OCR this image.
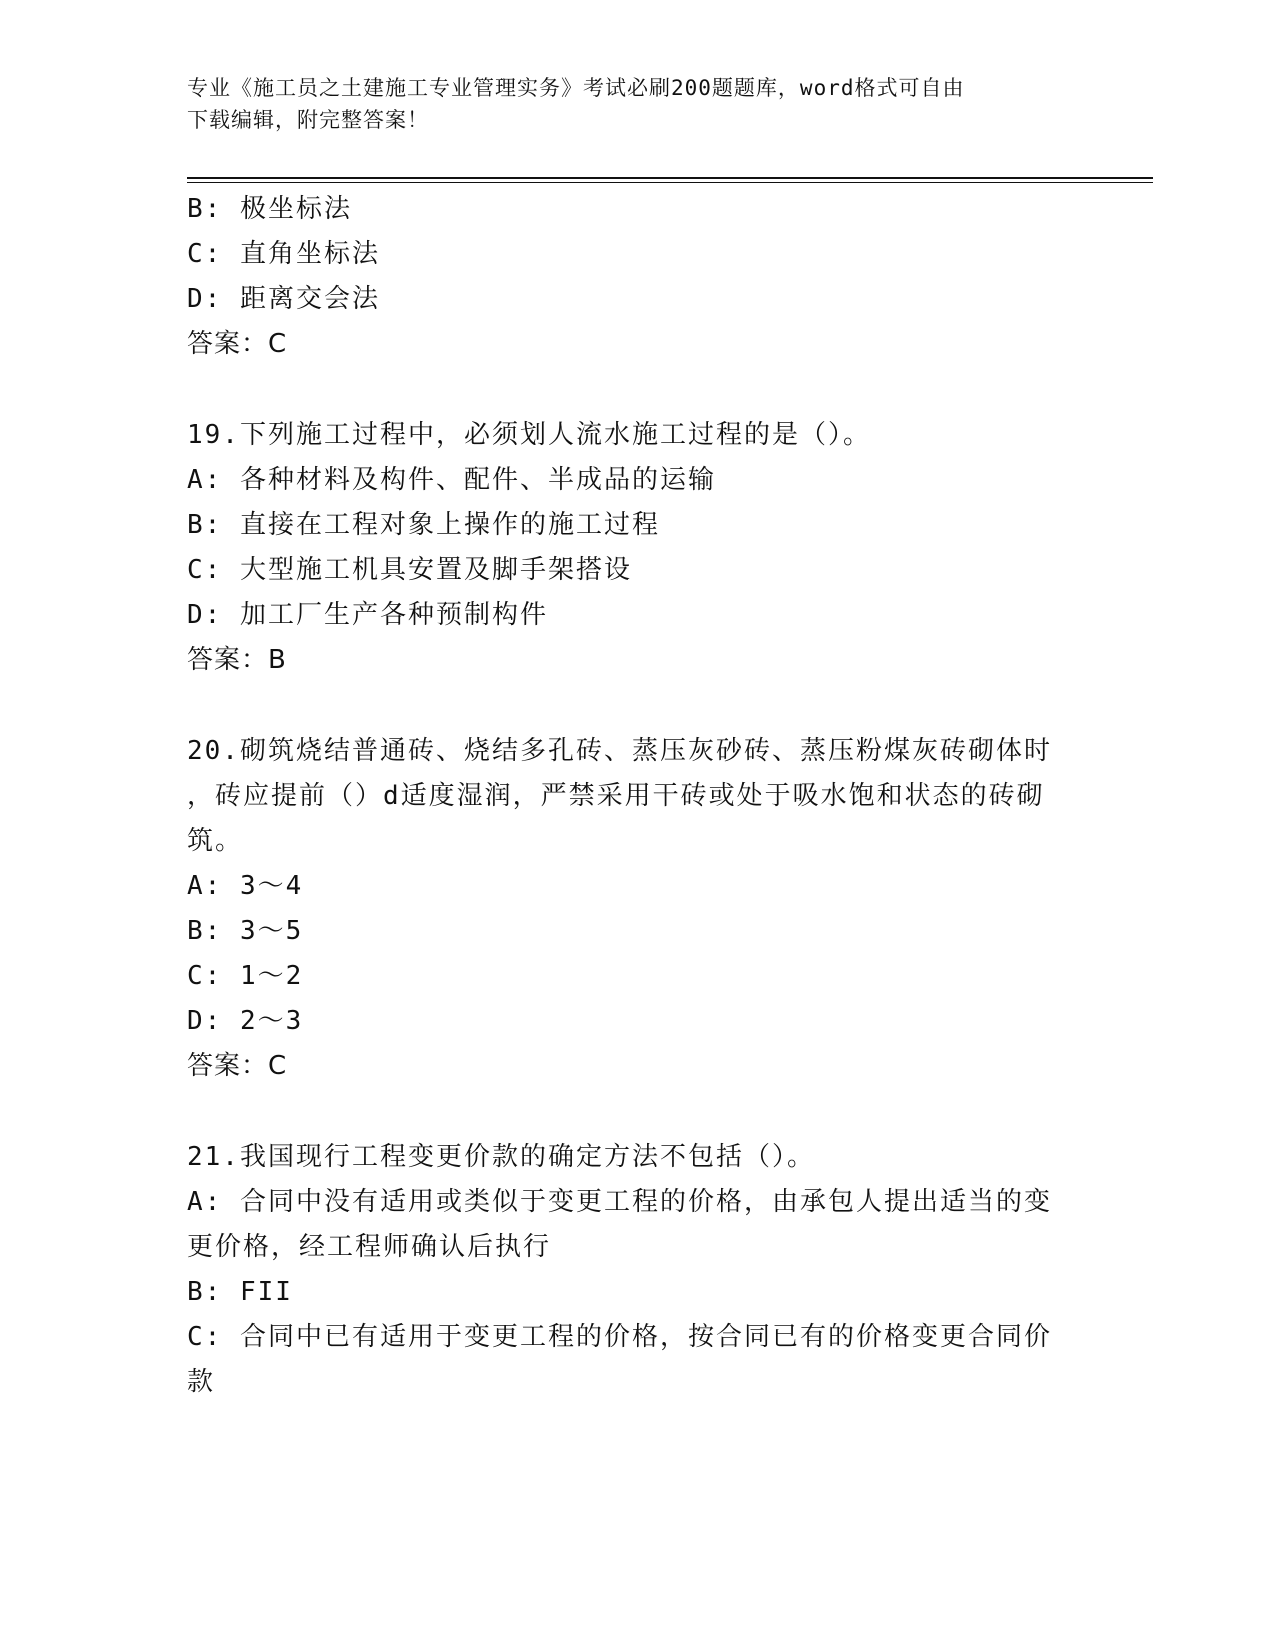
专业《施工员之土建施工专业管理实务》考试必刷200题题库，word格式可自由
下载编辑，附完整答案！
B: 极坐标法
C: 直角坐标法
D: 距离交会法
答案：C
19.下列施工过程中，必须划人流水施工过程的是（）。
A: 各种材料及构件、配件、半成品的运输
B: 直接在工程对象上操作的施工过程
C: 大型施工机具安置及脚手架搭设
D: 加工厂生产各种预制构件
答案：B
20.砌筑烧结普通砖、烧结多孔砖、蒸压灰砂砖、蒸压粉煤灰砖砌体时
，砖应提前（）d适度湿润，严禁采用干砖或处于吸水饱和状态的砖砌
筑。
A: 3～4
B: 3～5
C: 1～2
D: 2～3
答案：C
21.我国现行工程变更价款的确定方法不包括（）。
A: 合同中没有适用或类似于变更工程的价格，由承包人提出适当的变
更价格，经工程师确认后执行
B: FII
C: 合同中已有适用于变更工程的价格，按合同已有的价格变更合同价
款
